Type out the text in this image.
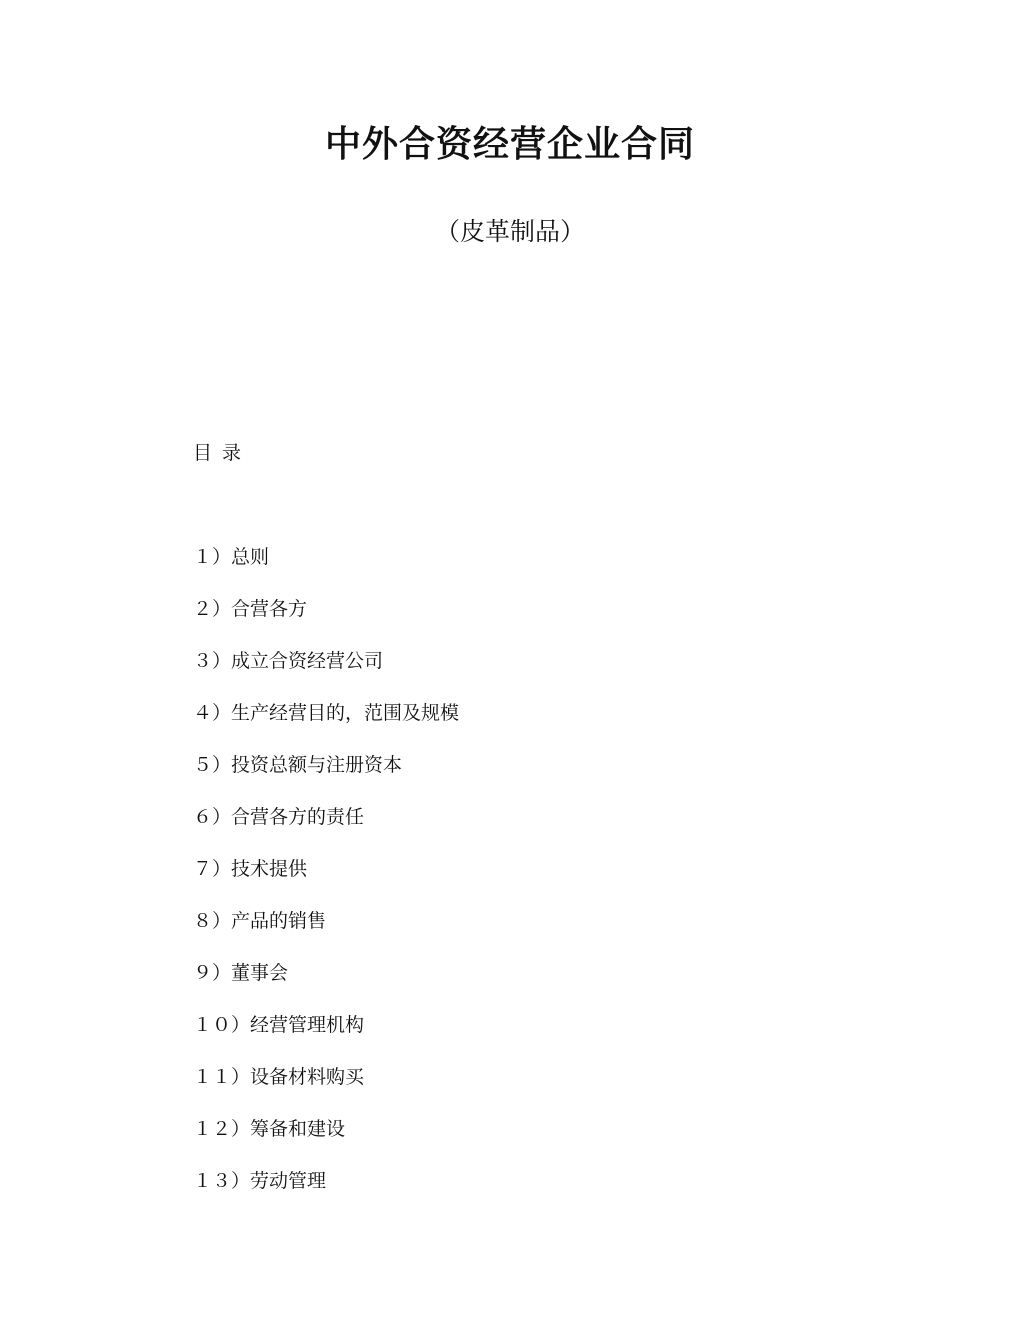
中外合资经营企业合同

（皮革制品）

目 录

１）总则
２）合营各方
３）成立合资经营公司
４）生产经营目的，范围及规模
５）投资总额与注册资本
６）合营各方的责任
７）技术提供
８）产品的销售
９）董事会
１０）经营管理机构
１１）设备材料购买
１２）筹备和建设
１３）劳动管理
